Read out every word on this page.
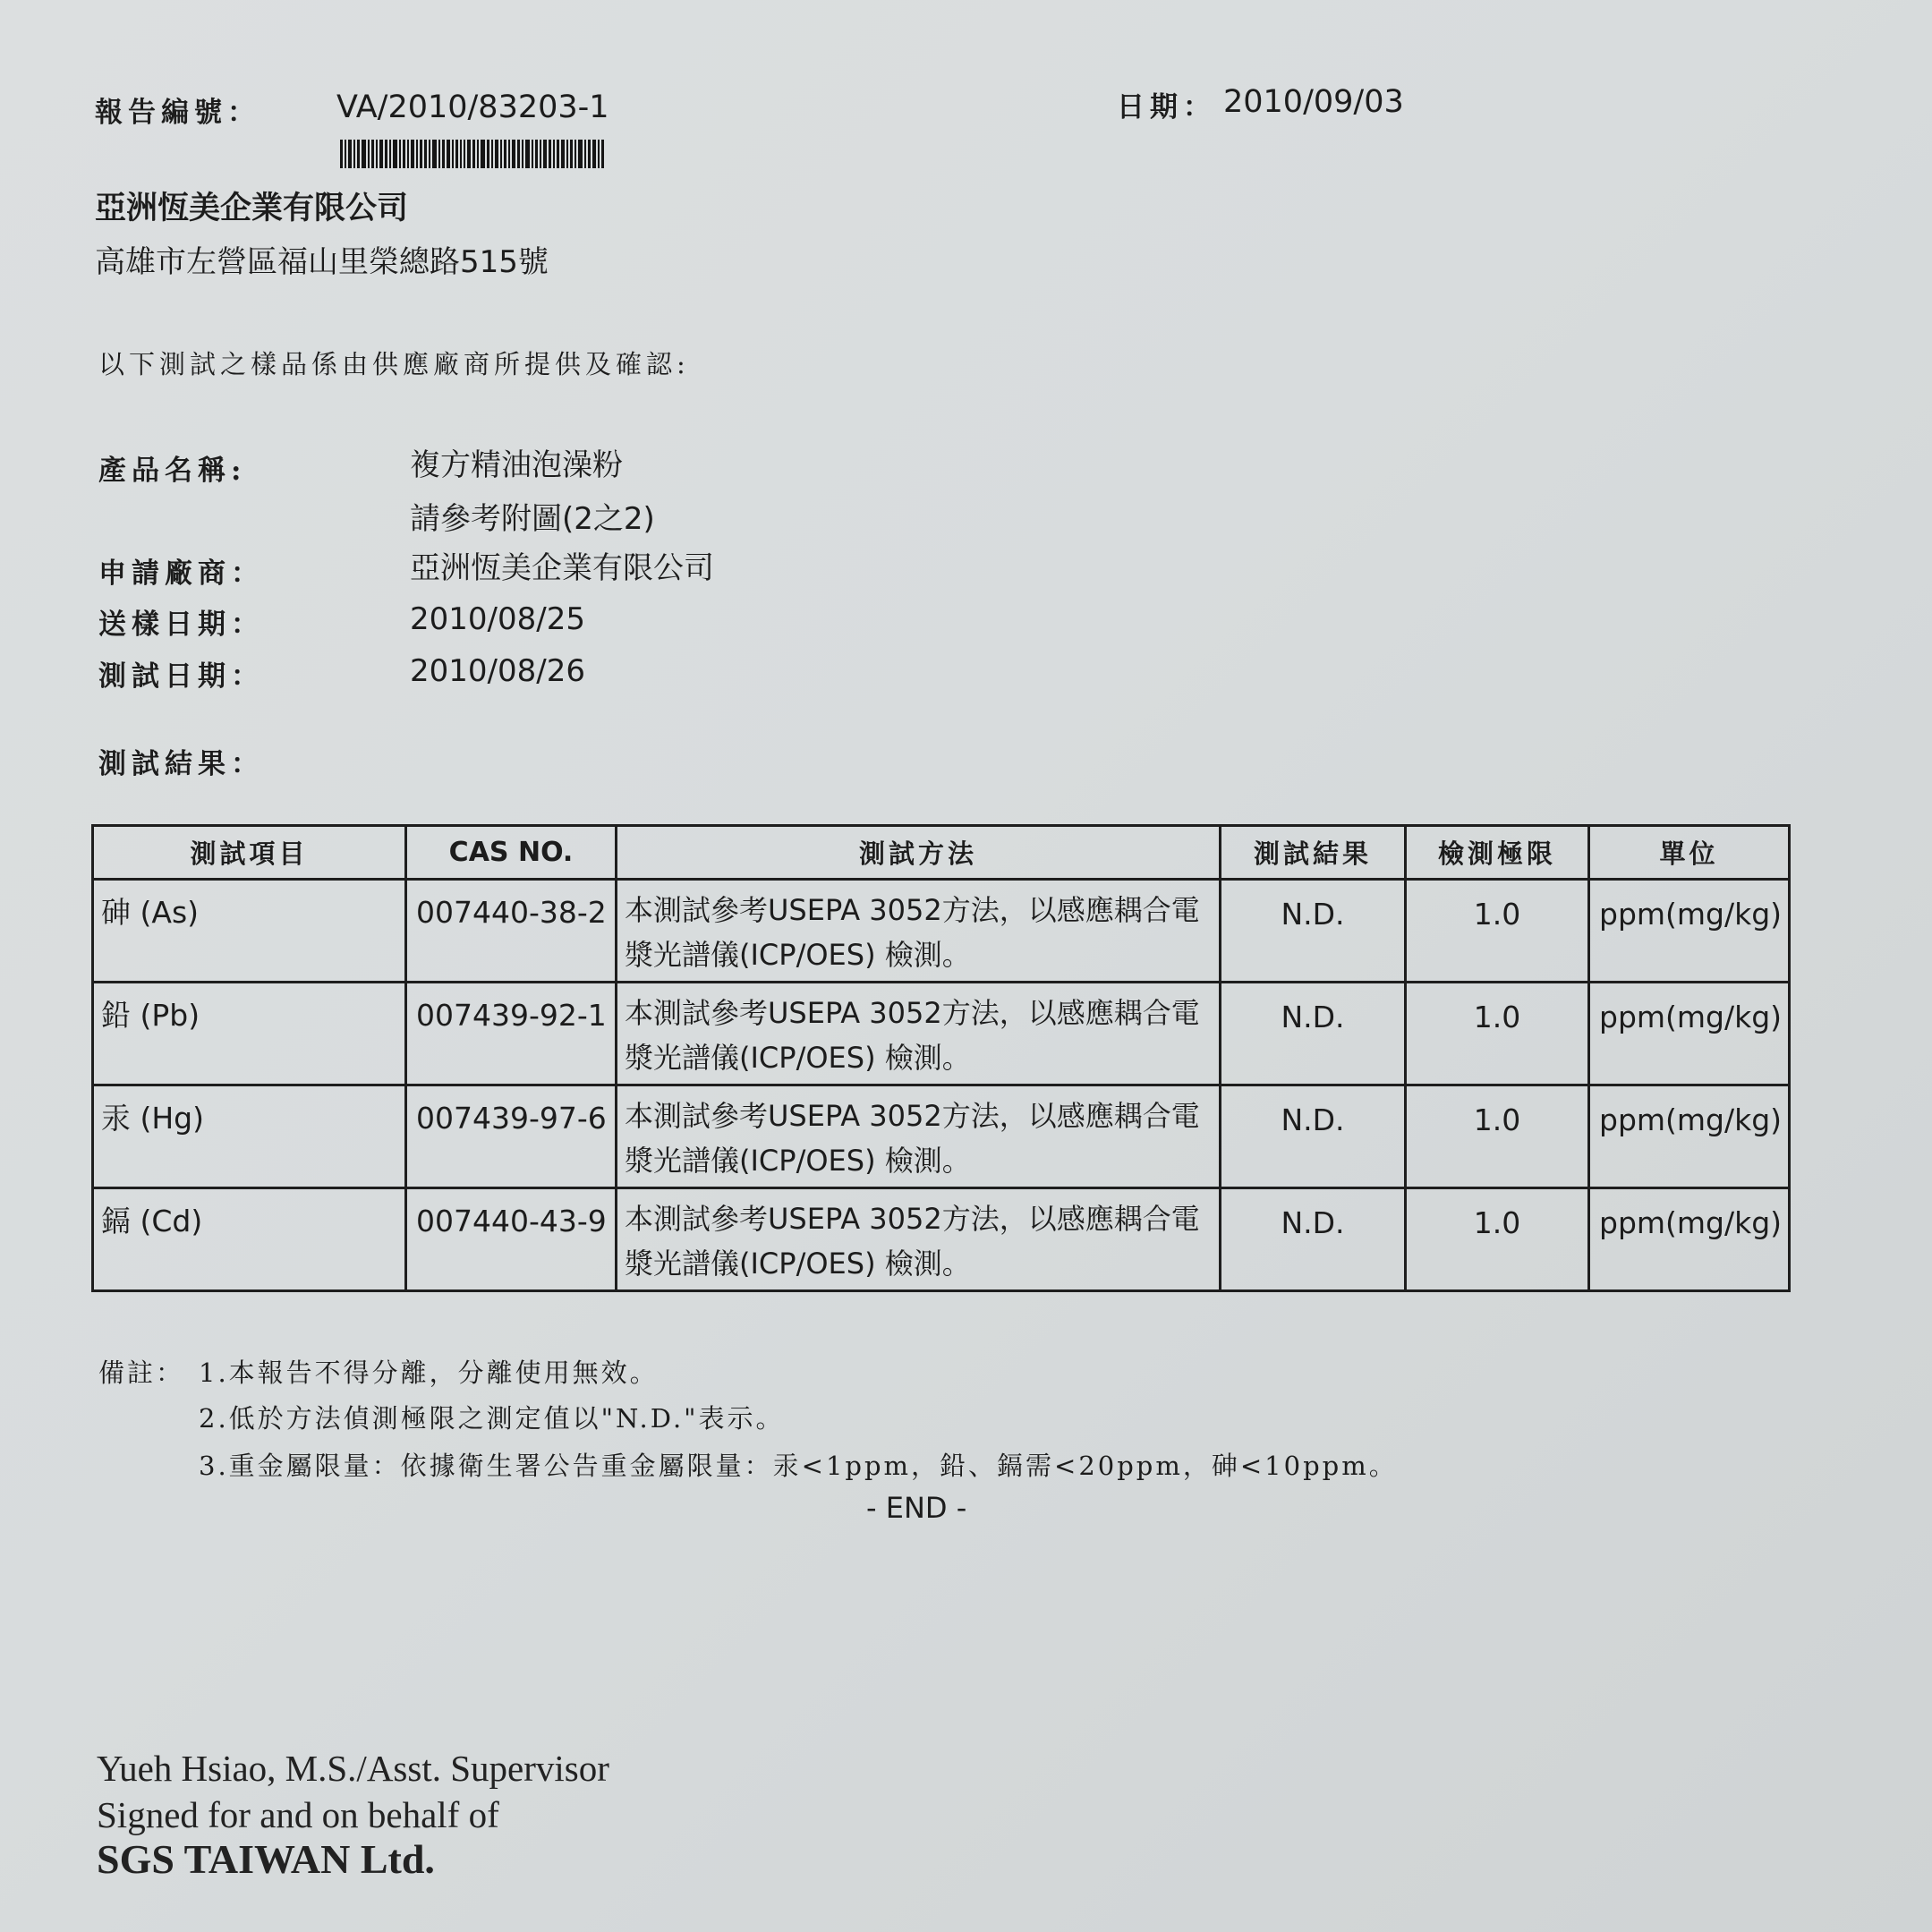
報告編號： VA/2010/83203-1	日期： 2010/09/03
亞洲恆美企業有限公司
高雄市左營區福山里榮總路515號
以下測試之樣品係由供應廠商所提供及確認:
產品名稱:	複方精油泡澡粉
請參考附圖(2之2)
申請廠商：	亞洲恆美企業有限公司
送樣日期：	2010/08/25
測試日期：	2010/08/26
測試結果：
測試項目	CAS NO.	測試方法	測試結果	檢測極限	單位

砷 (As)	007440-38-2	本測試參考USEPA 3052方法，以感應耦合電漿光譜儀(ICP/OES) 檢測。	N.D.	1.0	ppm(mg/kg)

鉛 (Pb)	007439-92-1	本測試參考USEPA 3052方法，以感應耦合電漿光譜儀(ICP/OES) 檢測。	N.D.	1.0	ppm(mg/kg)

汞 (Hg)	007439-97-6	本測試參考USEPA 3052方法，以感應耦合電漿光譜儀(ICP/OES) 檢測。	N.D.	1.0	ppm(mg/kg)

鎘 (Cd)	007440-43-9	本測試參考USEPA 3052方法，以感應耦合電漿光譜儀(ICP/OES) 檢測。	N.D.	1.0	ppm(mg/kg)
備註： 1.本報告不得分離，分離使用無效。
2.低於方法偵測極限之測定值以"N.D."表示。
3.重金屬限量：依據衛生署公告重金屬限量：汞<1ppm，鉛、鎘需<20ppm，砷<10ppm。
- END -
Yueh Hsiao, M.S./Asst. Supervisor
Signed for and on behalf of
SGS TAIWAN Ltd.
